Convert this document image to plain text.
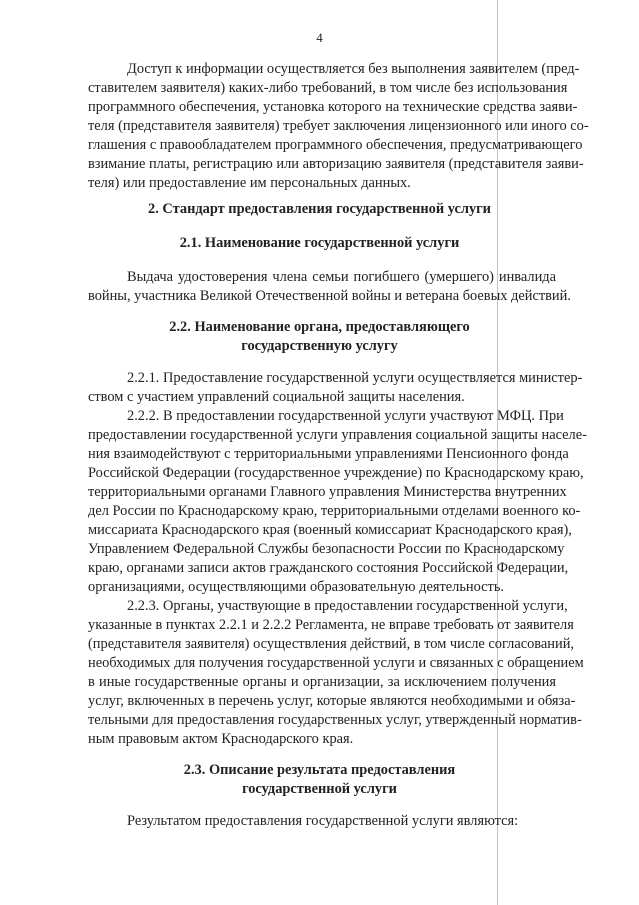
4
Доступ к информации осуществляется без выполнения заявителем (пред-
ставителем заявителя) каких-либо требований, в том числе без использования
программного обеспечения, установка которого на технические средства заяви-
теля (представителя заявителя) требует заключения лицензионного или иного со-
глашения с правообладателем программного обеспечения, предусматривающего
взимание платы, регистрацию или авторизацию заявителя (представителя заяви-
теля) или предоставление им персональных данных.
2. Стандарт предоставления государственной услуги
2.1. Наименование государственной услуги
Выдача удостоверения члена семьи погибшего (умершего) инвалида
войны, участника Великой Отечественной войны и ветерана боевых действий.
2.2. Наименование органа, предоставляющего
государственную услугу
2.2.1. Предоставление государственной услуги осуществляется министер-
ством с участием управлений социальной защиты населения.
2.2.2. В предоставлении государственной услуги участвуют МФЦ. При
предоставлении государственной услуги управления социальной защиты населе-
ния взаимодействуют с территориальными управлениями Пенсионного фонда
Российской Федерации (государственное учреждение) по Краснодарскому краю,
территориальными органами Главного управления Министерства внутренних
дел России по Краснодарскому краю, территориальными отделами военного ко-
миссариата Краснодарского края (военный комиссариат Краснодарского края),
Управлением Федеральной Службы безопасности России по Краснодарскому
краю, органами записи актов гражданского состояния Российской Федерации,
организациями, осуществляющими образовательную деятельность.
2.2.3. Органы, участвующие в предоставлении государственной услуги,
указанные в пунктах 2.2.1 и 2.2.2 Регламента, не вправе требовать от заявителя
(представителя заявителя) осуществления действий, в том числе согласований,
необходимых для получения государственной услуги и связанных с обращением
в иные государственные органы и организации, за исключением получения
услуг, включенных в перечень услуг, которые являются необходимыми и обяза-
тельными для предоставления государственных услуг, утвержденный норматив-
ным правовым актом Краснодарского края.
2.3. Описание результата предоставления
государственной услуги
Результатом предоставления государственной услуги являются:
